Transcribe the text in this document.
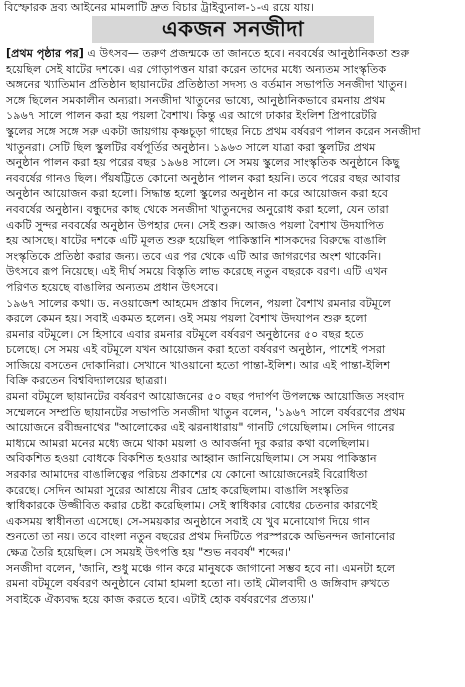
বিস্ফোরক দ্রব্য আইনের মামলাটি দ্রুত বিচার ট্রাইব্যুনাল-১-এ রয়ে যায়।
একজন সনজীদা
[প্রথম পৃষ্ঠার পর] এ উৎসব— তরুণ প্রজন্মকে তা জানতে হবে। নববর্ষের আনুষ্ঠানিকতা শুরু
হয়েছিল সেই ষাটের দশকে। এর গোড়াপত্তন যারা করেন তাদের মধ্যে অন্যতম সাংস্কৃতিক
অঙ্গনের খ্যাতিমান প্রতিষ্ঠান ছায়ানটের প্রতিষ্ঠাতা সদস্য ও বর্তমান সভাপতি সনজীদা খাতুন।
সঙ্গে ছিলেন সমকালীন অন্যরা। সনজীদা খাতুনের ভাষ্যে, আনুষ্ঠানিকভাবে রমনায় প্রথম
১৯৬৭ সালে পালন করা হয় পয়লা বৈশাখ। কিন্তু এর আগে ঢাকার ইংলিশ প্রিপারেটরি
স্কুলের সঙ্গে সঙ্গে সরু একটা জায়গায় কৃষ্ণচূড়া গাছের নিচে প্রথম বর্ষবরণ পালন করেন সনজীদা
খাতুনরা। সেটি ছিল স্কুলটির বর্ষপূর্তির অনুষ্ঠান। ১৯৬৩ সালে যাত্রা করা স্কুলটির প্রথম
অনুষ্ঠান পালন করা হয় পরের বছর ১৯৬৪ সালে। সে সময় স্কুলের সাংস্কৃতিক অনুষ্ঠানে কিছু
নববর্ষের গানও ছিল। পঁয়ষট্টিতে কোনো অনুষ্ঠান পালন করা হয়নি। তবে পরের বছর আবার
অনুষ্ঠান আয়োজন করা হলো। সিদ্ধান্ত হলো স্কুলের অনুষ্ঠান না করে আয়োজন করা হবে
নববর্ষের অনুষ্ঠান। বন্ধুদের কাছ থেকে সনজীদা খাতুনদের অনুরোধ করা হলো, যেন তারা
একটি সুন্দর নববর্ষের অনুষ্ঠান উপহার দেন। সেই শুরু। আজও পয়লা বৈশাখ উদযাপিত
হয় আসছে। ষাটের দশকে এটি মূলত শুরু হয়েছিল পাকিস্তানি শাসকদের বিরুদ্ধে বাঙালি
সংস্কৃতিকে প্রতিষ্ঠা করার জন্য। তবে এর পর থেকে এটি আর জাগরণের অংশ থাকেনি।
উৎসবে রূপ নিয়েছে। এই দীর্ঘ সময়ে বিস্তৃতি লাভ করেছে নতুন বছরকে বরণ। এটি এখন
পরিণত হয়েছে বাঙালির অন্যতম প্রধান উৎসবে।
১৯৬৭ সালের কথা। ড. নওয়াজেশ আহমেদ প্রস্তাব দিলেন, পয়লা বৈশাখ রমনার বটমূলে
করলে কেমন হয়। সবাই একমত হলেন। ওই সময় পয়লা বৈশাখ উদযাপন শুরু হলো
রমনার বটমূলে। সে হিসাবে এবার রমনার বটমূলে বর্ষবরণ অনুষ্ঠানের ৫০ বছর হতে
চলেছে। সে সময় এই বটমূলে যখন আয়োজন করা হতো বর্ষবরণ অনুষ্ঠান, পাশেই পসরা
সাজিয়ে বসতেন দোকানিরা। সেখানে খাওয়ানো হতো পান্তা-ইলিশ। আর এই পান্তা-ইলিশ
বিক্রি করতেন বিশ্ববিদ্যালয়ের ছাত্ররা।
রমনা বটমূলে ছায়ানটের বর্ষবরণ আয়োজনের ৫০ বছর পদার্পণ উপলক্ষে আয়োজিত সংবাদ
সম্মেলনে সম্প্রতি ছায়ানটের সভাপতি সনজীদা খাতুন বলেন, '১৯৬৭ সালে বর্ষবরণের প্রথম
আয়োজনে রবীন্দ্রনাথের "আলোকের এই ঝরনাধারায়" গানটি গেয়েছিলাম। সেদিন গানের
মাধ্যমে আমরা মনের মধ্যে জমে থাকা ময়লা ও আবর্জনা দূর করার কথা বলেছিলাম।
অবিকশিত হওয়া বোধকে বিকশিত হওয়ার আহ্বান জানিয়েছিলাম। সে সময় পাকিস্তান
সরকার আমাদের বাঙালিত্বের পরিচয় প্রকাশের যে কোনো আয়োজনেরই বিরোধিতা
করেছে। সেদিন আমরা সুরের আশ্রয়ে নীরব দ্রোহ করেছিলাম। বাঙালি সংস্কৃতির
স্বাধিকারকে উজ্জীবিত করার চেষ্টা করেছিলাম। সেই স্বাধিকার বোধের চেতনার কারণেই
একসময় স্বাধীনতা এসেছে। সে-সময়কার অনুষ্ঠানে সবাই যে খুব মনোযোগ দিয়ে গান
শুনতো তা নয়। তবে বাংলা নতুন বছরের প্রথম দিনটিতে পরস্পরকে অভিনন্দন জানানোর
ক্ষেত্র তৈরি হয়েছিল। সে সময়ই উৎপত্তি হয় "শুভ নববর্ষ" শব্দের।'
সনজীদা বলেন, 'জানি, শুধু মঞ্চে গান করে মানুষকে জাগানো সম্ভব হবে না। এমনটা হলে
রমনা বটমূলে বর্ষবরণ অনুষ্ঠানে বোমা হামলা হতো না। তাই মৌলবাদী ও জঙ্গিবাদ রুখতে
সবাইকে ঐক্যবদ্ধ হয়ে কাজ করতে হবে। এটাই হোক বর্ষবরণের প্রত্যয়।'
